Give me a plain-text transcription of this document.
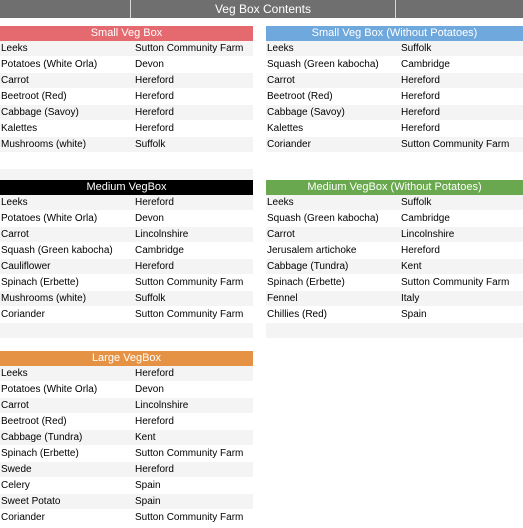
Veg Box Contents
Small Veg Box
Leeks	Sutton Community Farm
Potatoes (White Orla)	Devon
Carrot	Hereford
Beetroot (Red)	Hereford
Cabbage (Savoy)	Hereford
Kalettes	Hereford
Mushrooms (white)	Suffolk
Small Veg Box (Without Potatoes)
Leeks	Suffolk
Squash (Green kabocha)	Cambridge
Carrot	Hereford
Beetroot (Red)	Hereford
Cabbage (Savoy)	Hereford
Kalettes	Hereford
Coriander	Sutton Community Farm
Medium VegBox
Leeks	Hereford
Potatoes (White Orla)	Devon
Carrot	Lincolnshire
Squash (Green kabocha)	Cambridge
Cauliflower	Hereford
Spinach (Erbette)	Sutton Community Farm
Mushrooms (white)	Suffolk
Coriander	Sutton Community Farm
Medium VegBox (Without Potatoes)
Leeks	Suffolk
Squash (Green kabocha)	Cambridge
Carrot	Lincolnshire
Jerusalem artichoke	Hereford
Cabbage (Tundra)	Kent
Spinach (Erbette)	Sutton Community Farm
Fennel	Italy
Chillies (Red)	Spain
Large VegBox
Leeks	Hereford
Potatoes (White Orla)	Devon
Carrot	Lincolnshire
Beetroot (Red)	Hereford
Cabbage (Tundra)	Kent
Spinach (Erbette)	Sutton Community Farm
Swede	Hereford
Celery	Spain
Sweet Potato	Spain
Coriander	Sutton Community Farm
